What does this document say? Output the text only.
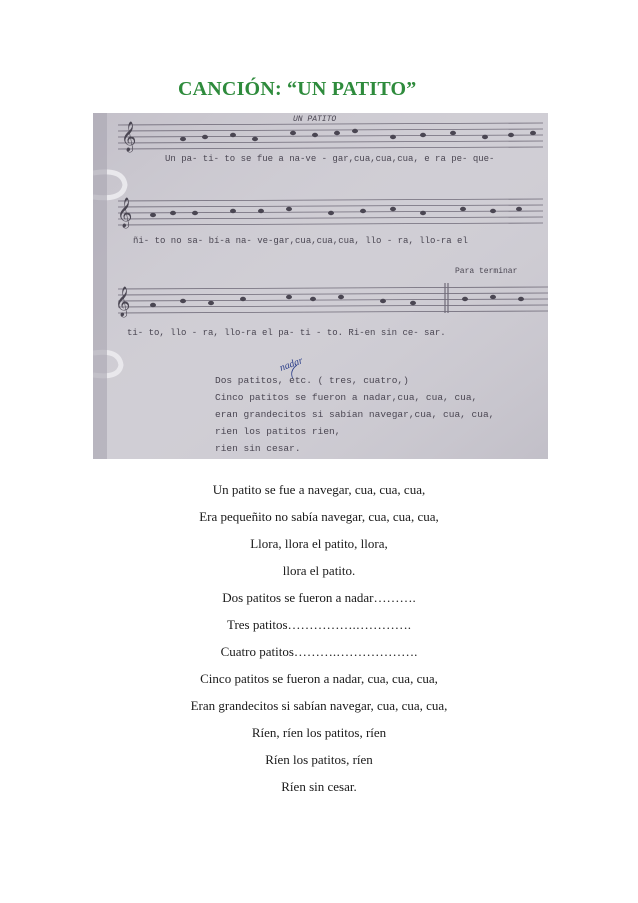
CANCIÓN: “UN PATITO”
𝄞
UN PATITO
Un pa- ti- to se fue a na-ve - gar,cua,cua,cua, e ra pe- que-
𝄞
ñi- to no sa- bí-a na- ve-gar,cua,cua,cua, llo - ra, llo-ra el
Para terminar
𝄞
ti- to, llo - ra, llo-ra el pa- ti - to. Ri-en sin ce- sar.
nadar
Dos patitos, etc. ( tres, cuatro,)
Cinco patitos se fueron a nadar,cua, cua, cua,
eran grandecitos si sabían navegar,cua, cua, cua,
rien los patitos rien,
rien sin cesar.
Un patito se fue a navegar, cua, cua, cua,
Era pequeñito no sabía navegar, cua, cua, cua,
Llora, llora el patito, llora,
llora el patito.
Dos patitos se fueron a nadar……….
Tres patitos…………….………….
Cuatro patitos……….……………….
Cinco patitos se fueron a nadar, cua, cua, cua,
Eran grandecitos si sabían navegar, cua, cua, cua,
Ríen, ríen los patitos, ríen
Ríen los patitos, ríen
Ríen sin cesar.
